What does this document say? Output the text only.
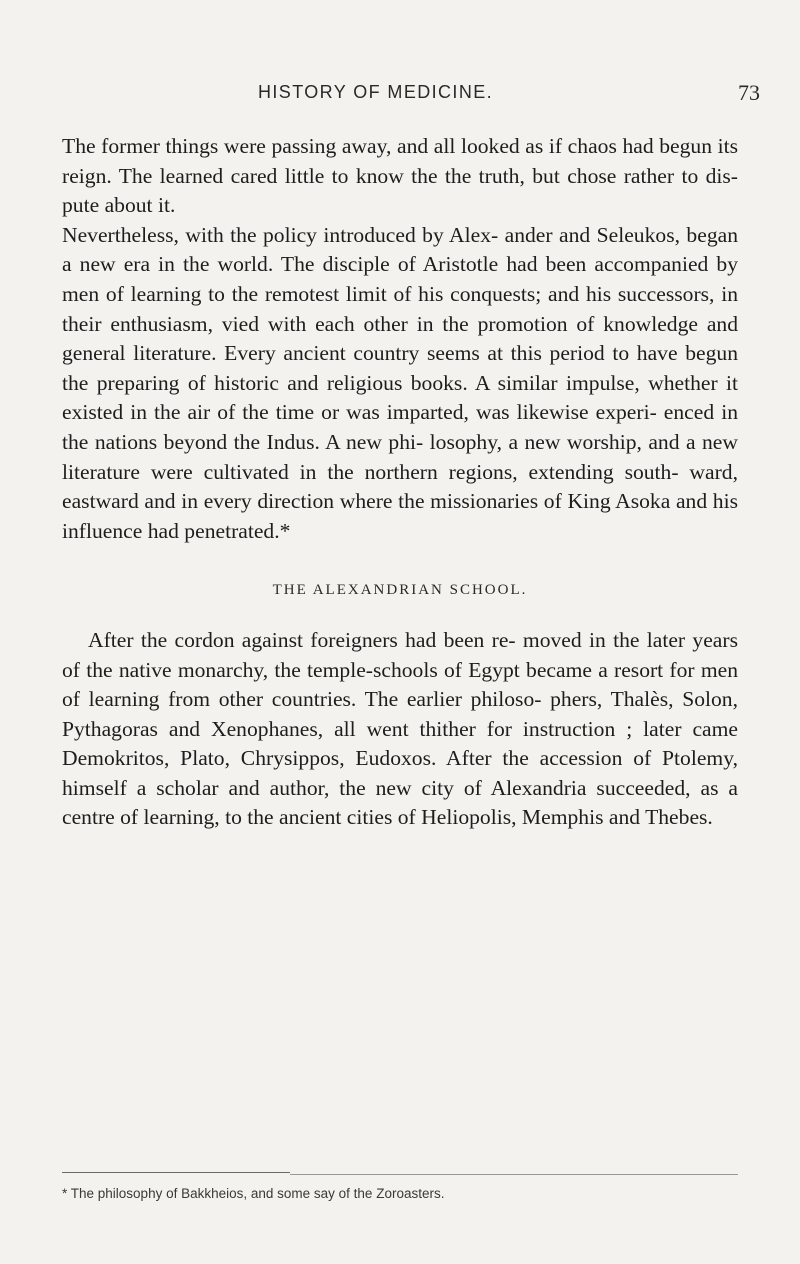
HISTORY OF MEDICINE.	73

The former things were passing away, and all looked as if chaos had begun its reign. The learned cared little to know the the truth, but chose rather to dis- pute about it.

Nevertheless, with the policy introduced by Alex- ander and Seleukos, began a new era in the world. The disciple of Aristotle had been accompanied by men of learning to the remotest limit of his conquests; and his successors, in their enthusiasm, vied with each other in the promotion of knowledge and general literature. Every ancient country seems at this period to have begun the preparing of historic and religious books. A similar impulse, whether it existed in the air of the time or was imparted, was likewise experi- enced in the nations beyond the Indus. A new phi- losophy, a new worship, and a new literature were cultivated in the northern regions, extending south- ward, eastward and in every direction where the missionaries of King Asoka and his influence had penetrated.*

THE ALEXANDRIAN SCHOOL.

After the cordon against foreigners had been re- moved in the later years of the native monarchy, the temple-schools of Egypt became a resort for men of learning from other countries. The earlier philoso- phers, Thalès, Solon, Pythagoras and Xenophanes, all went thither for instruction ; later came Demokritos, Plato, Chrysippos, Eudoxos. After the accession of Ptolemy, himself a scholar and author, the new city of Alexandria succeeded, as a centre of learning, to the ancient cities of Heliopolis, Memphis and Thebes.

* The philosophy of Bakkheios, and some say of the Zoroasters.
